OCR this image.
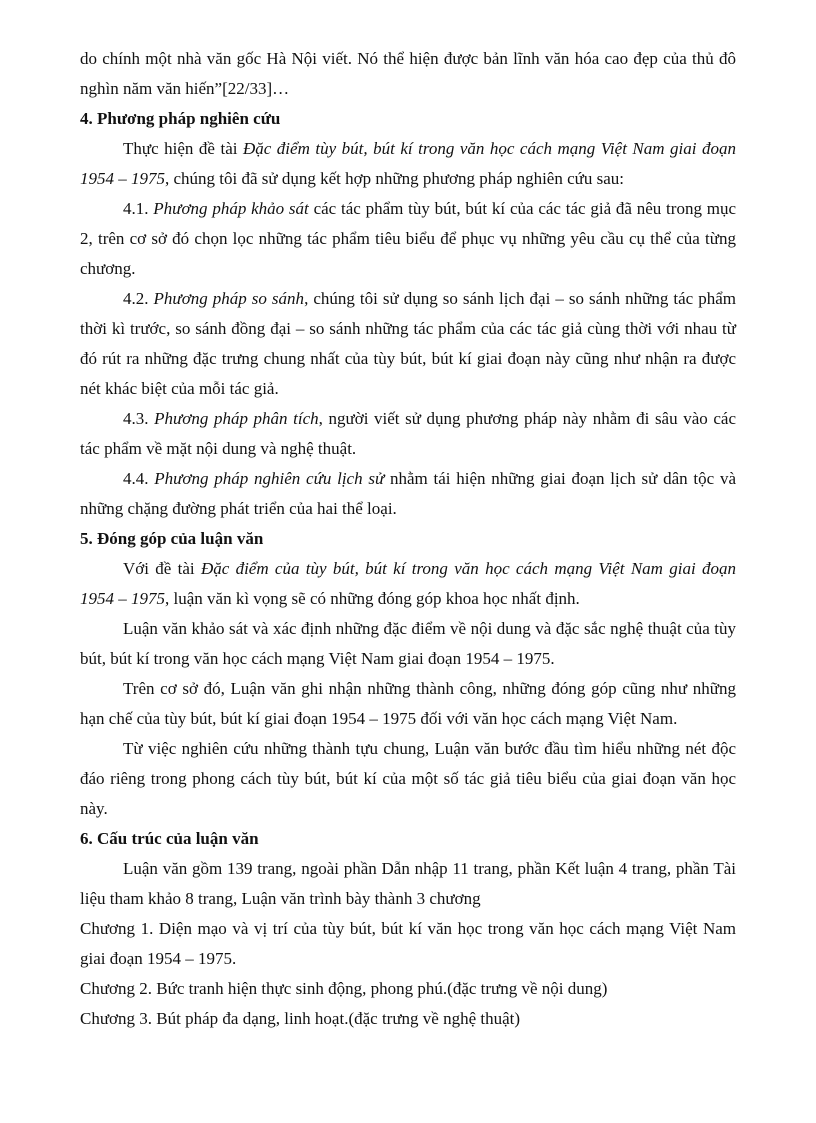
do chính một nhà văn gốc Hà Nội viết. Nó thể hiện được bản lĩnh văn hóa cao đẹp của thủ đô nghìn năm văn hiến”[22/33]…

4. Phương pháp nghiên cứu

Thực hiện đề tài Đặc điểm tùy bút, bút kí trong văn học cách mạng Việt Nam giai đoạn 1954 – 1975, chúng tôi đã sử dụng kết hợp những phương pháp nghiên cứu sau:

4.1. Phương pháp khảo sát các tác phẩm tùy bút, bút kí của các tác giả đã nêu trong mục 2, trên cơ sở đó chọn lọc những tác phẩm tiêu biểu để phục vụ những yêu cầu cụ thể của từng chương.

4.2. Phương pháp so sánh, chúng tôi sử dụng so sánh lịch đại – so sánh những tác phẩm thời kì trước, so sánh đồng đại – so sánh những tác phẩm của các tác giả cùng thời với nhau từ đó rút ra những đặc trưng chung nhất của tùy bút, bút kí giai đoạn này cũng như nhận ra được nét khác biệt của mỗi tác giả.

4.3. Phương pháp phân tích, người viết sử dụng phương pháp này nhằm đi sâu vào các tác phẩm về mặt nội dung và nghệ thuật.

4.4. Phương pháp nghiên cứu lịch sử nhằm tái hiện những giai đoạn lịch sử dân tộc và những chặng đường phát triển của hai thể loại.

5. Đóng góp của luận văn

Với đề tài Đặc điểm của tùy bút, bút kí trong văn học cách mạng Việt Nam giai đoạn 1954 – 1975, luận văn kì vọng sẽ có những đóng góp khoa học nhất định.

Luận văn khảo sát và xác định những đặc điểm về nội dung và đặc sắc nghệ thuật của tùy bút, bút kí trong văn học cách mạng Việt Nam giai đoạn 1954 – 1975.

Trên cơ sở đó, Luận văn ghi nhận những thành công, những đóng góp cũng như những hạn chế của tùy bút, bút kí giai đoạn 1954 – 1975 đối với văn học cách mạng Việt Nam.

Từ việc nghiên cứu những thành tựu chung, Luận văn bước đầu tìm hiểu những nét độc đáo riêng trong phong cách tùy bút, bút kí của một số tác giả tiêu biểu của giai đoạn văn học này.

6. Cấu trúc của luận văn

Luận văn gồm 139 trang, ngoài phần Dẫn nhập 11 trang, phần Kết luận 4 trang, phần Tài liệu tham khảo 8 trang, Luận văn trình bày thành 3 chương

Chương 1. Diện mạo và vị trí của tùy bút, bút kí văn học trong văn học cách mạng Việt Nam giai đoạn 1954 – 1975.

Chương 2. Bức tranh hiện thực sinh động, phong phú.(đặc trưng về nội dung)

Chương 3. Bút pháp đa dạng, linh hoạt.(đặc trưng về nghệ thuật)
